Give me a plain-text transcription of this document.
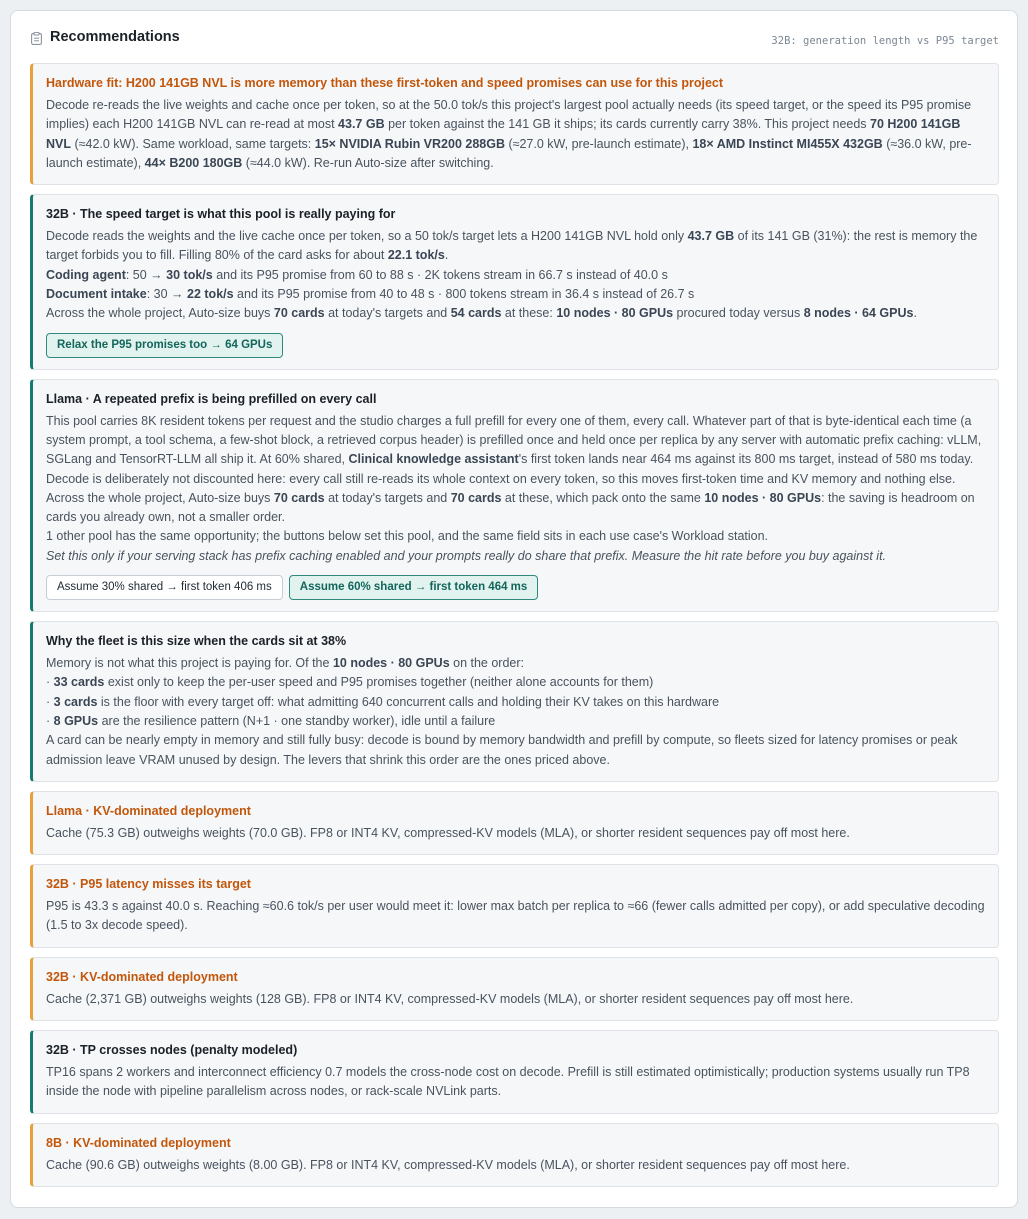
Recommendations	32B: generation length vs P95 target
Hardware fit: H200 141GB NVL is more memory than these first-token and speed promises can use for this project
Decode re-reads the live weights and cache once per token, so at the 50.0 tok/s this project's largest pool actually needs (its speed target, or the speed its P95 promise implies) each H200 141GB NVL can re-read at most 43.7 GB per token against the 141 GB it ships; its cards currently carry 38%. This project needs 70 H200 141GB NVL (≈42.0 kW). Same workload, same targets: 15× NVIDIA Rubin VR200 288GB (≈27.0 kW, pre-launch estimate), 18× AMD Instinct MI455X 432GB (≈36.0 kW, pre-launch estimate), 44× B200 180GB (≈44.0 kW). Re-run Auto-size after switching.
32B · The speed target is what this pool is really paying for
Decode reads the weights and the live cache once per token, so a 50 tok/s target lets a H200 141GB NVL hold only 43.7 GB of its 141 GB (31%): the rest is memory the target forbids you to fill. Filling 80% of the card asks for about 22.1 tok/s.
Coding agent: 50 → 30 tok/s and its P95 promise from 60 to 88 s · 2K tokens stream in 66.7 s instead of 40.0 s
Document intake: 30 → 22 tok/s and its P95 promise from 40 to 48 s · 800 tokens stream in 36.4 s instead of 26.7 s
Across the whole project, Auto-size buys 70 cards at today's targets and 54 cards at these: 10 nodes · 80 GPUs procured today versus 8 nodes · 64 GPUs.
Relax the P95 promises too → 64 GPUs
Llama · A repeated prefix is being prefilled on every call
This pool carries 8K resident tokens per request and the studio charges a full prefill for every one of them, every call. Whatever part of that is byte-identical each time (a system prompt, a tool schema, a few-shot block, a retrieved corpus header) is prefilled once and held once per replica by any server with automatic prefix caching: vLLM, SGLang and TensorRT-LLM all ship it. At 60% shared, Clinical knowledge assistant's first token lands near 464 ms against its 800 ms target, instead of 580 ms today. Decode is deliberately not discounted here: every call still re-reads its whole context on every token, so this moves first-token time and KV memory and nothing else.
Across the whole project, Auto-size buys 70 cards at today's targets and 70 cards at these, which pack onto the same 10 nodes · 80 GPUs: the saving is headroom on cards you already own, not a smaller order.
1 other pool has the same opportunity; the buttons below set this pool, and the same field sits in each use case's Workload station.
Set this only if your serving stack has prefix caching enabled and your prompts really do share that prefix. Measure the hit rate before you buy against it.
Assume 30% shared → first token 406 ms	Assume 60% shared → first token 464 ms
Why the fleet is this size when the cards sit at 38%
Memory is not what this project is paying for. Of the 10 nodes · 80 GPUs on the order:
· 33 cards exist only to keep the per-user speed and P95 promises together (neither alone accounts for them)
· 3 cards is the floor with every target off: what admitting 640 concurrent calls and holding their KV takes on this hardware
· 8 GPUs are the resilience pattern (N+1 · one standby worker), idle until a failure
A card can be nearly empty in memory and still fully busy: decode is bound by memory bandwidth and prefill by compute, so fleets sized for latency promises or peak admission leave VRAM unused by design. The levers that shrink this order are the ones priced above.
Llama · KV-dominated deployment
Cache (75.3 GB) outweighs weights (70.0 GB). FP8 or INT4 KV, compressed-KV models (MLA), or shorter resident sequences pay off most here.
32B · P95 latency misses its target
P95 is 43.3 s against 40.0 s. Reaching ≈60.6 tok/s per user would meet it: lower max batch per replica to ≈66 (fewer calls admitted per copy), or add speculative decoding (1.5 to 3x decode speed).
32B · KV-dominated deployment
Cache (2,371 GB) outweighs weights (128 GB). FP8 or INT4 KV, compressed-KV models (MLA), or shorter resident sequences pay off most here.
32B · TP crosses nodes (penalty modeled)
TP16 spans 2 workers and interconnect efficiency 0.7 models the cross-node cost on decode. Prefill is still estimated optimistically; production systems usually run TP8 inside the node with pipeline parallelism across nodes, or rack-scale NVLink parts.
8B · KV-dominated deployment
Cache (90.6 GB) outweighs weights (8.00 GB). FP8 or INT4 KV, compressed-KV models (MLA), or shorter resident sequences pay off most here.
